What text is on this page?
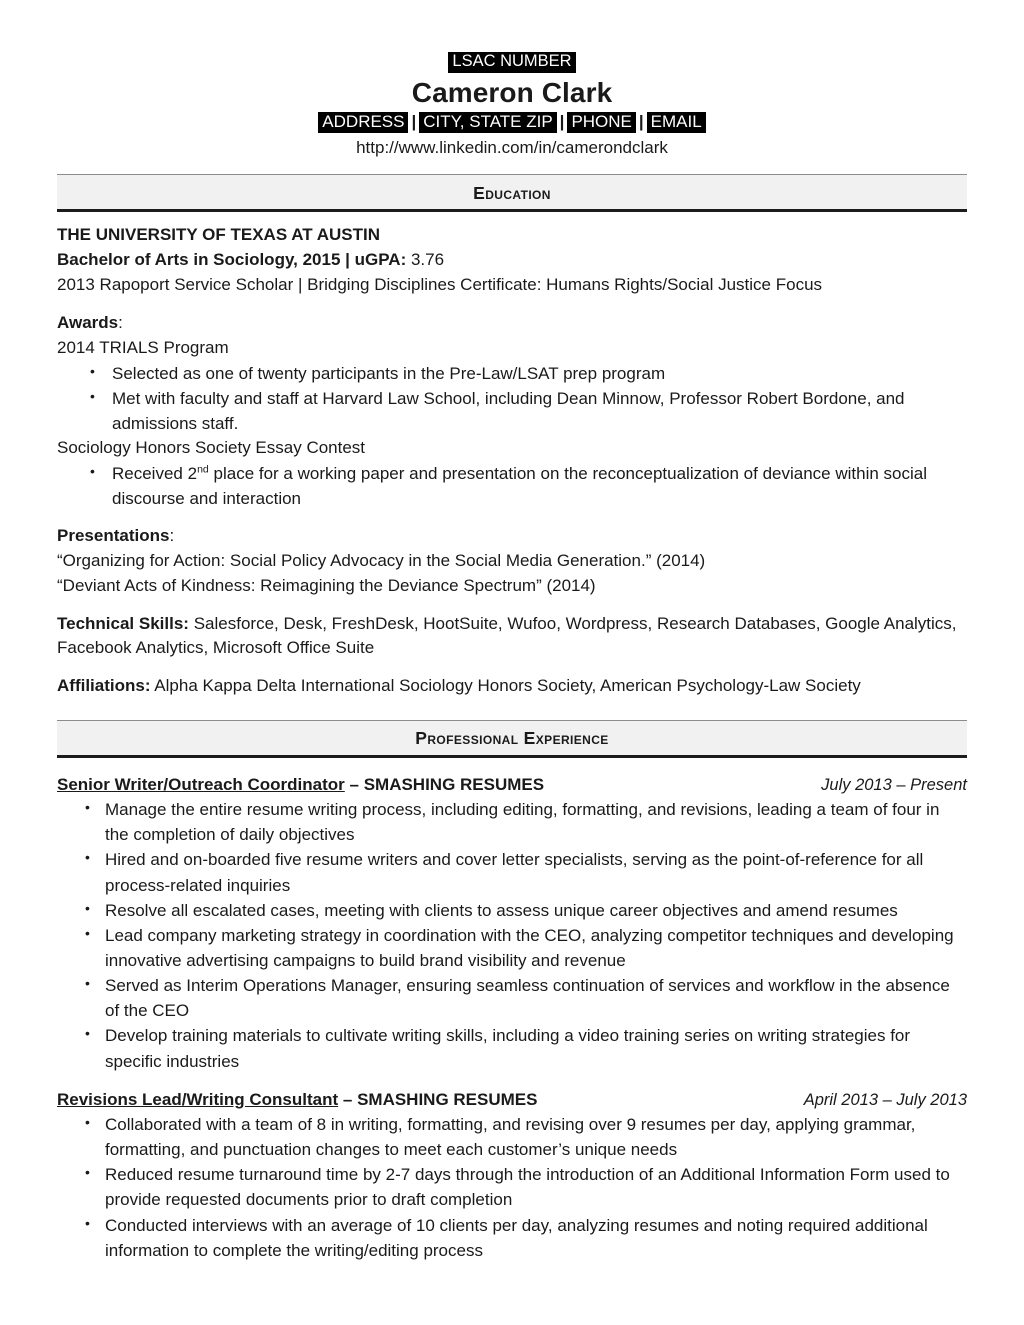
LSAC NUMBER
Cameron Clark
ADDRESS | CITY, STATE ZIP | PHONE | EMAIL
http://www.linkedin.com/in/camerondclark
Education
THE UNIVERSITY OF TEXAS AT AUSTIN
Bachelor of Arts in Sociology, 2015 | uGPA: 3.76
2013 Rapoport Service Scholar | Bridging Disciplines Certificate: Humans Rights/Social Justice Focus
Awards:
2014 TRIALS Program
• Selected as one of twenty participants in the Pre-Law/LSAT prep program
• Met with faculty and staff at Harvard Law School, including Dean Minnow, Professor Robert Bordone, and admissions staff.
Sociology Honors Society Essay Contest
• Received 2nd place for a working paper and presentation on the reconceptualization of deviance within social discourse and interaction
Presentations:
“Organizing for Action: Social Policy Advocacy in the Social Media Generation.” (2014)
“Deviant Acts of Kindness: Reimagining the Deviance Spectrum” (2014)
Technical Skills: Salesforce, Desk, FreshDesk, HootSuite, Wufoo, Wordpress, Research Databases, Google Analytics, Facebook Analytics, Microsoft Office Suite
Affiliations: Alpha Kappa Delta International Sociology Honors Society, American Psychology-Law Society
Professional Experience
Senior Writer/Outreach Coordinator – SMASHING RESUMES	July 2013 – Present
• Manage the entire resume writing process, including editing, formatting, and revisions, leading a team of four in the completion of daily objectives
• Hired and on-boarded five resume writers and cover letter specialists, serving as the point-of-reference for all process-related inquiries
• Resolve all escalated cases, meeting with clients to assess unique career objectives and amend resumes
• Lead company marketing strategy in coordination with the CEO, analyzing competitor techniques and developing innovative advertising campaigns to build brand visibility and revenue
• Served as Interim Operations Manager, ensuring seamless continuation of services and workflow in the absence of the CEO
• Develop training materials to cultivate writing skills, including a video training series on writing strategies for specific industries
Revisions Lead/Writing Consultant – SMASHING RESUMES	April 2013 – July 2013
• Collaborated with a team of 8 in writing, formatting, and revising over 9 resumes per day, applying grammar, formatting, and punctuation changes to meet each customer’s unique needs
• Reduced resume turnaround time by 2-7 days through the introduction of an Additional Information Form used to provide requested documents prior to draft completion
• Conducted interviews with an average of 10 clients per day, analyzing resumes and noting required additional information to complete the writing/editing process
